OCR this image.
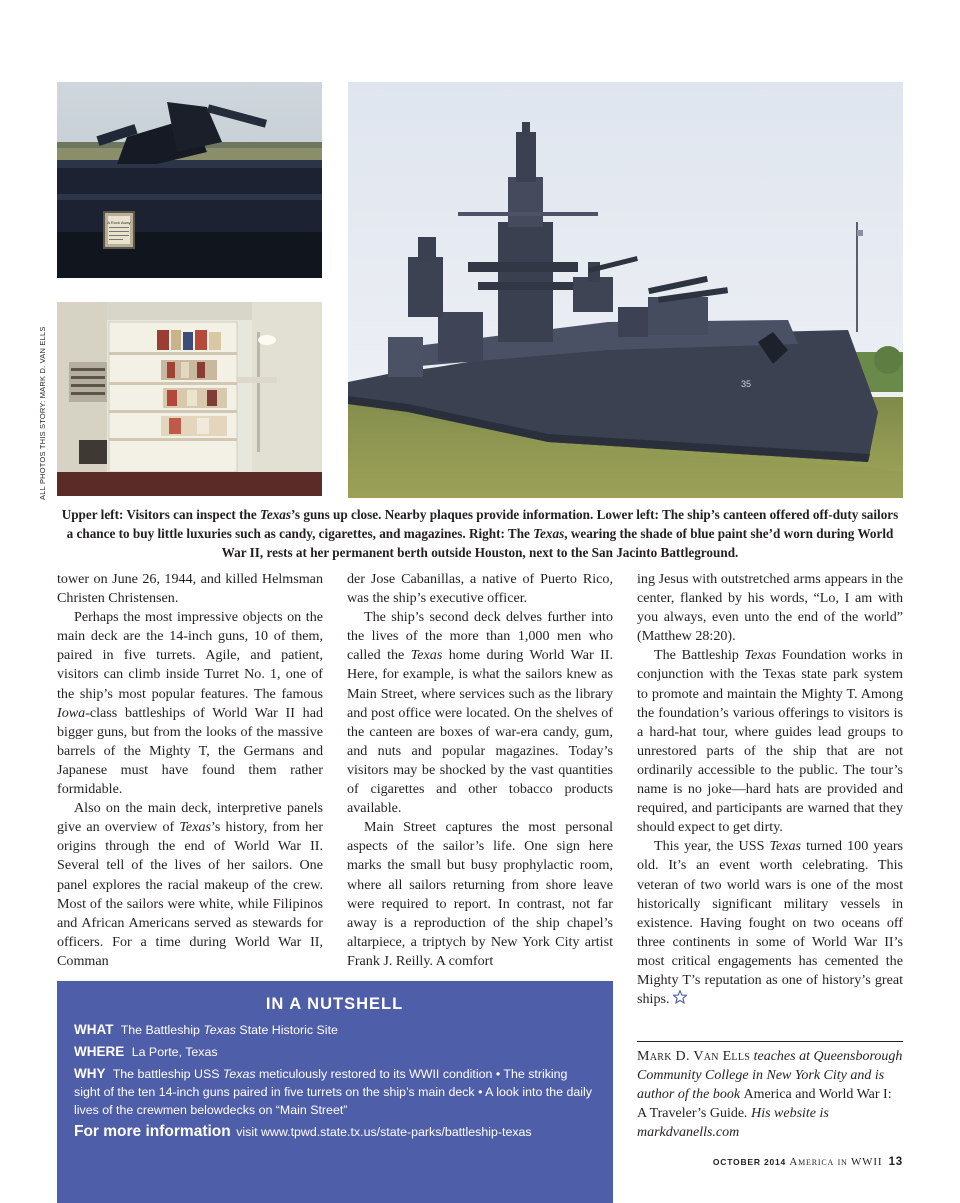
A Rock Away
35
ALL PHOTOS THIS STORY: MARK D. VAN ELLS
Upper left: Visitors can inspect the Texas’s guns up close. Nearby plaques provide information. Lower left: The ship’s canteen offered off-duty sailors a chance to buy little luxuries such as candy, cigarettes, and magazines. Right: The Texas, wearing the shade of blue paint she’d worn during World War II, rests at her permanent berth outside Houston, next to the San Jacinto Battleground.

tower on June 26, 1944, and killed Helmsman Christen Christensen.

Perhaps the most impressive objects on the main deck are the 14-inch guns, 10 of them, paired in five turrets. Agile, and patient, visitors can climb inside Turret No. 1, one of the ship’s most popular features. The famous Iowa-class battleships of World War II had bigger guns, but from the looks of the massive barrels of the Mighty T, the Germans and Japanese must have found them rather formidable.

Also on the main deck, interpretive panels give an overview of Texas’s history, from her origins through the end of World War II. Several tell of the lives of her sailors. One panel explores the racial makeup of the crew. Most of the sailors were white, while Filipinos and African Americans served as stewards for officers. For a time during World War II, Comman

der Jose Cabanillas, a native of Puerto Rico, was the ship’s executive officer.

The ship’s second deck delves further into the lives of the more than 1,000 men who called the Texas home during World War II. Here, for example, is what the sailors knew as Main Street, where services such as the library and post office were located. On the shelves of the canteen are boxes of war-era candy, gum, and nuts and popular magazines. Today’s visitors may be shocked by the vast quantities of cigarettes and other tobacco products available.

Main Street captures the most personal aspects of the sailor’s life. One sign here marks the small but busy prophylactic room, where all sailors returning from shore leave were required to report. In contrast, not far away is a reproduction of the ship chapel’s altarpiece, a triptych by New York City artist Frank J. Reilly. A comfort

ing Jesus with outstretched arms appears in the center, flanked by his words, “Lo, I am with you always, even unto the end of the world” (Matthew 28:20).

The Battleship Texas Foundation works in conjunction with the Texas state park system to promote and maintain the Mighty T. Among the foundation’s various offerings to visitors is a hard-hat tour, where guides lead groups to unrestored parts of the ship that are not ordinarily accessible to the public. The tour’s name is no joke—hard hats are provided and required, and participants are warned that they should expect to get dirty.

This year, the USS Texas turned 100 years old. It’s an event worth celebrating. This veteran of two world wars is one of the most historically significant military vessels in existence. Having fought on two oceans off three continents in some of World War II’s most critical engagements has cemented the Mighty T’s reputation as one of history’s great ships.

IN A NUTSHELL
WHAT The Battleship Texas State Historic Site
WHERE La Porte, Texas
WHY The battleship USS Texas meticulously restored to its WWII condition • The striking sight of the ten 14-inch guns paired in five turrets on the ship’s main deck • A look into the daily lives of the crewmen belowdecks on “Main Street”
For more information visit www.tpwd.state.tx.us/state-parks/battleship-texas
Mark D. Van Ells teaches at Queensborough Community College in New York City and is author of the book America and World War I: A Traveler’s Guide. His website is markdvanells.com
OCTOBER 2014 America in WWII 13
